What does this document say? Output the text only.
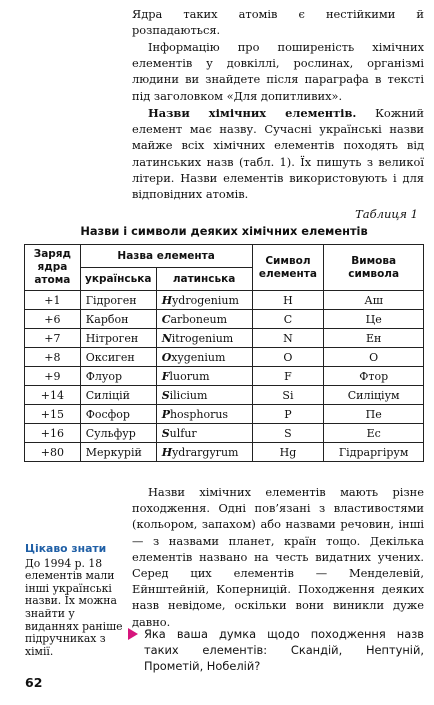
Ядра таких атомів є нестійкими й розпадаються.

Інформацію про поширеність хімічних елементів у довкіллі, рослинах, організмі людини ви знайдете після параграфа в тексті під заголовком «Для допитливих».

Назви хімічних елементів. Кожний елемент має назву. Сучасні українські назви майже всіх хімічних елементів походять від латинських назв (табл. 1). Їх пишуть з великої літери. Назви елементів використовують і для відповідних атомів.

Таблиця 1
Назви і символи деяких хімічних елементів
Заряд ядра атома	Назва елемента		Символ елемента	Вимова символа
	українська	латинська		
+1	Гідроген	Hydrogenium	H	Аш
+6	Карбон	Carboneum	C	Це
+7	Нітроген	Nitrogenium	N	Ен
+8	Оксиген	Oxygenium	O	О
+9	Флуор	Fluorum	F	Фтор
+14	Силіцій	Silicium	Si	Силіціум
+15	Фосфор	Phosphorus	P	Пе
+16	Сульфур	Sulfur	S	Ес
+80	Меркурій	Hydrargyrum	Hg	Гідраргірум

Назви хімічних елементів мають різне походження. Одні пов’язані з властивостями (кольором, запахом) або назвами речовин, інші — з назвами планет, країн тощо. Декілька елементів названо на честь видатних учених. Серед цих елементів — Менделевій, Ейнштейній, Коперницій. Походження деяких назв невідоме, оскільки вони виникли дуже давно.

Цікаво знати
До 1994 р. 18 елементів мали інші українські назви. Їх можна знайти у виданнях раніше підручниках з хімії.

Яка ваша думка щодо походження назв таких елементів: Скандій, Нептуній, Прометій, Нобелій?

62
